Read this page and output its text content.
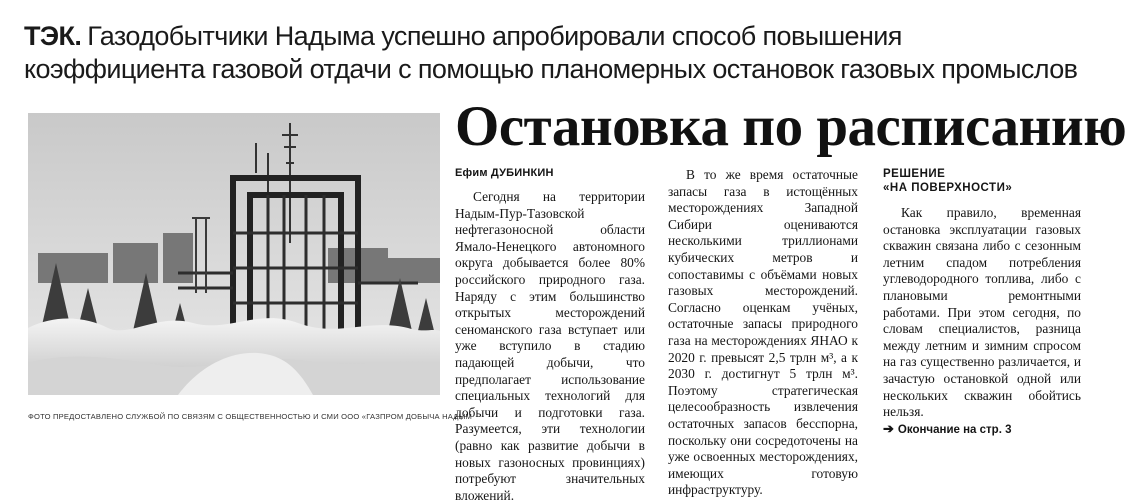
ТЭК. Газодобытчики Надыма успешно апробировали способ повышения коэффициента газовой отдачи с помощью планомерных остановок газовых промыслов
Остановка по расписанию
ФОТО ПРЕДОСТАВЛЕНО СЛУЖБОЙ ПО СВЯЗЯМ С ОБЩЕСТВЕННОСТЬЮ И СМИ ООО «ГАЗПРОМ ДОБЫЧА НАДЫМ
Ефим ДУБИНКИН

Сегодня на территории Надым-Пур-Тазовской нефтегазоносной области Ямало-Ненецкого автономного округа добывается более 80% российского природного газа. Наряду с этим большинство открытых месторождений сеноманского газа вступает или уже вступило в стадию падающей добычи, что предполагает использование специальных технологий для добычи и подготовки газа. Разумеется, эти технологии (равно как развитие добычи в новых газоносных провинциях) потребуют значительных вложений.

В то же время остаточные запасы газа в истощённых месторождениях Западной Сибири оцениваются несколькими триллионами кубических метров и сопоставимы с объёмами новых газовых месторождений. Согласно оценкам учёных, остаточные запасы природного газа на месторождениях ЯНАО к 2020 г. превысят 2,5 трлн м³, а к 2030 г. достигнут 5 трлн м³. Поэтому стратегическая целесообразность извлечения остаточных запасов бесспорна, поскольку они сосредоточены на уже освоенных месторождениях, имеющих готовую инфраструктуру.

РЕШЕНИЕ
«НА ПОВЕРХНОСТИ»

Как правило, временная остановка эксплуатации газовых скважин связана либо с сезонным летним спадом потребления углеводородного топлива, либо с плановыми ремонтными работами. При этом сегодня, по словам специалистов, разница между летним и зимним спросом на газ существенно различается, и зачастую остановкой одной или нескольких скважин обойтись нельзя.

➔ Окончание на стр. 3
